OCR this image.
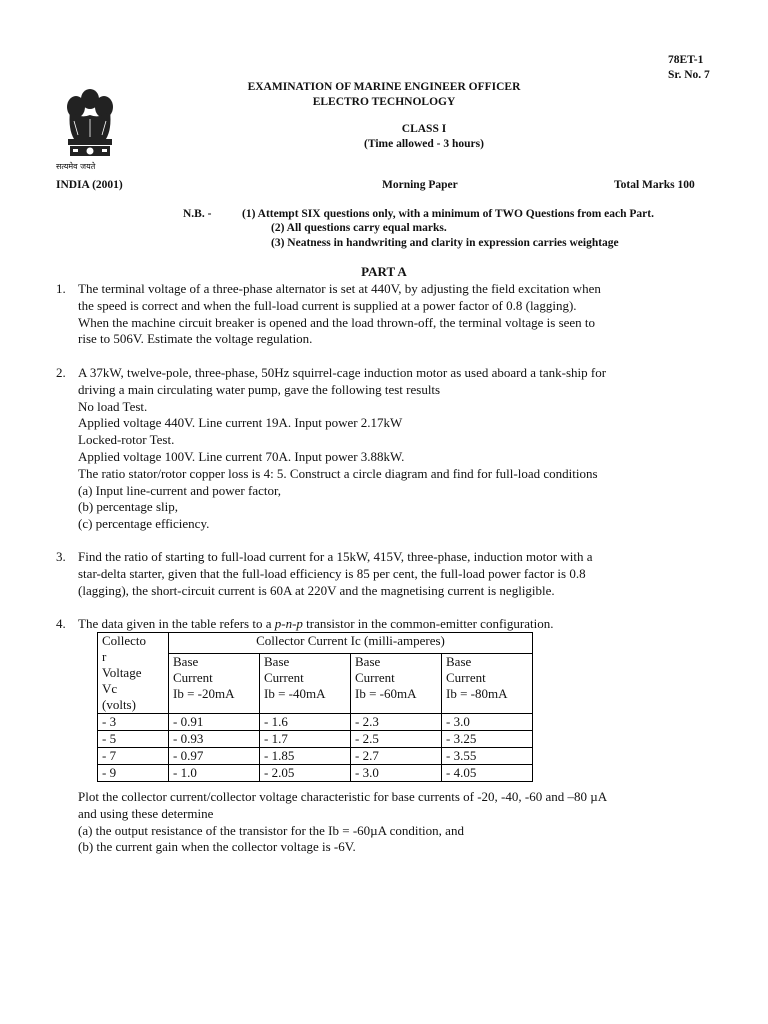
78ET-1
Sr. No. 7
EXAMINATION OF MARINE ENGINEER OFFICER
ELECTRO TECHNOLOGY
CLASS I
(Time allowed - 3 hours)
सत्यमेव जयते
INDIA (2001)	Morning Paper	Total Marks 100
N.B. -	(1) Attempt SIX questions only, with a minimum of TWO Questions from each Part.
(2) All questions carry equal marks.
(3) Neatness in handwriting and clarity in expression carries weightage
PART A
1. The terminal voltage of a three-phase alternator is set at 440V, by adjusting the field excitation when
the speed is correct and when the full-load current is supplied at a power factor of 0.8 (lagging).
When the machine circuit breaker is opened and the load thrown-off, the terminal voltage is seen to
rise to 506V. Estimate the voltage regulation.
2. A 37kW, twelve-pole, three-phase, 50Hz squirrel-cage induction motor as used aboard a tank-ship for
driving a main circulating water pump, gave the following test results
No load Test.
Applied voltage 440V. Line current 19A. Input power 2.17kW
Locked-rotor Test.
Applied voltage 100V. Line current 70A. Input power 3.88kW.
The ratio stator/rotor copper loss is 4: 5. Construct a circle diagram and find for full-load conditions
(a) Input line-current and power factor,
(b) percentage slip,
(c) percentage efficiency.
3. Find the ratio of starting to full-load current for a 15kW, 415V, three-phase, induction motor with a
star-delta starter, given that the full-load efficiency is 85 per cent, the full-load power factor is 0.8
(lagging), the short-circuit current is 60A at 220V and the magnetising current is negligible.
4. The data given in the table refers to a p-n-p transistor in the common-emitter configuration.
Collecto
r
Voltage
Vc
(volts)	Collector Current Ic (milli-amperes)			

	Base
Current
Ib = -20mA	Base
Current
Ib = -40mA	Base
Current
Ib = -60mA	Base
Current
Ib = -80mA

- 3	- 0.91	- 1.6	- 2.3	- 3.0
- 5	- 0.93	- 1.7	- 2.5	- 3.25
- 7	- 0.97	- 1.85	- 2.7	- 3.55
- 9	- 1.0	- 2.05	- 3.0	- 4.05
Plot the collector current/collector voltage characteristic for base currents of -20, -40, -60 and –80 µA
and using these determine
(a) the output resistance of the transistor for the Ib = -60µA condition, and
(b) the current gain when the collector voltage is -6V.
